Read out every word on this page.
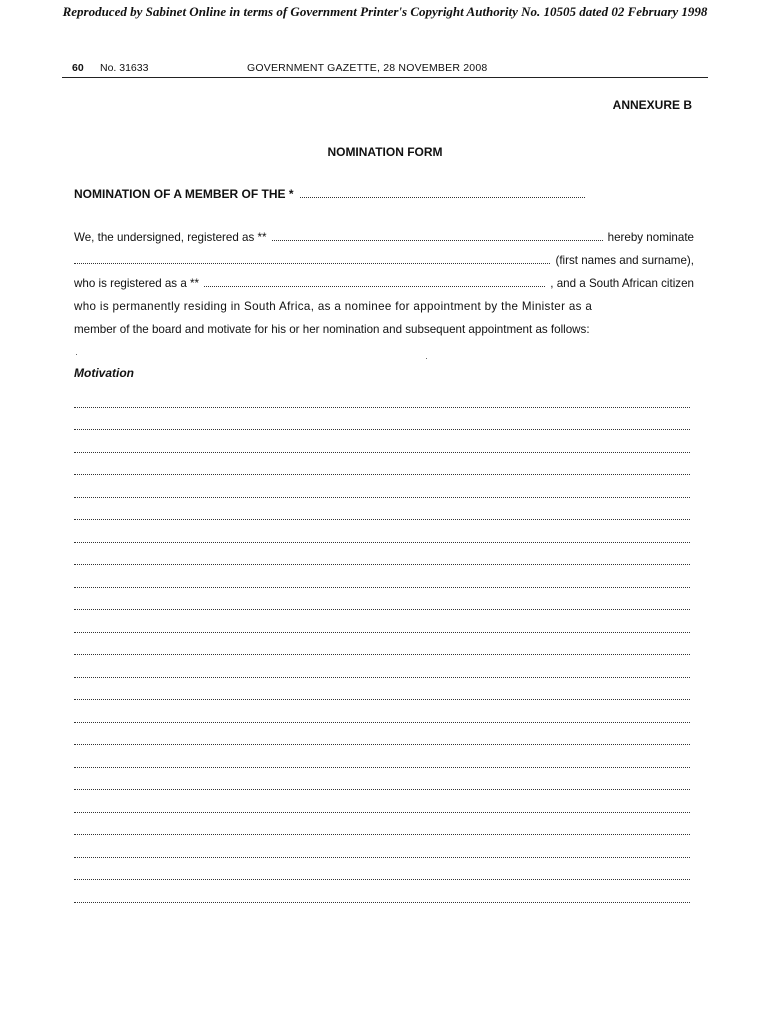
Reproduced by Sabinet Online in terms of Government Printer's Copyright Authority No. 10505 dated 02 February 1998
60 No. 31633	GOVERNMENT GAZETTE, 28 NOVEMBER 2008
ANNEXURE B
NOMINATION FORM
NOMINATION OF A MEMBER OF THE *
We, the undersigned, registered as **	hereby nominate
(first names and surname),
who is registered as a **	, and a South African citizen
who is permanently residing in South Africa, as a nominee for appointment by the Minister as a
member of the board and motivate for his or her nomination and subsequent appointment as follows:
Motivation
